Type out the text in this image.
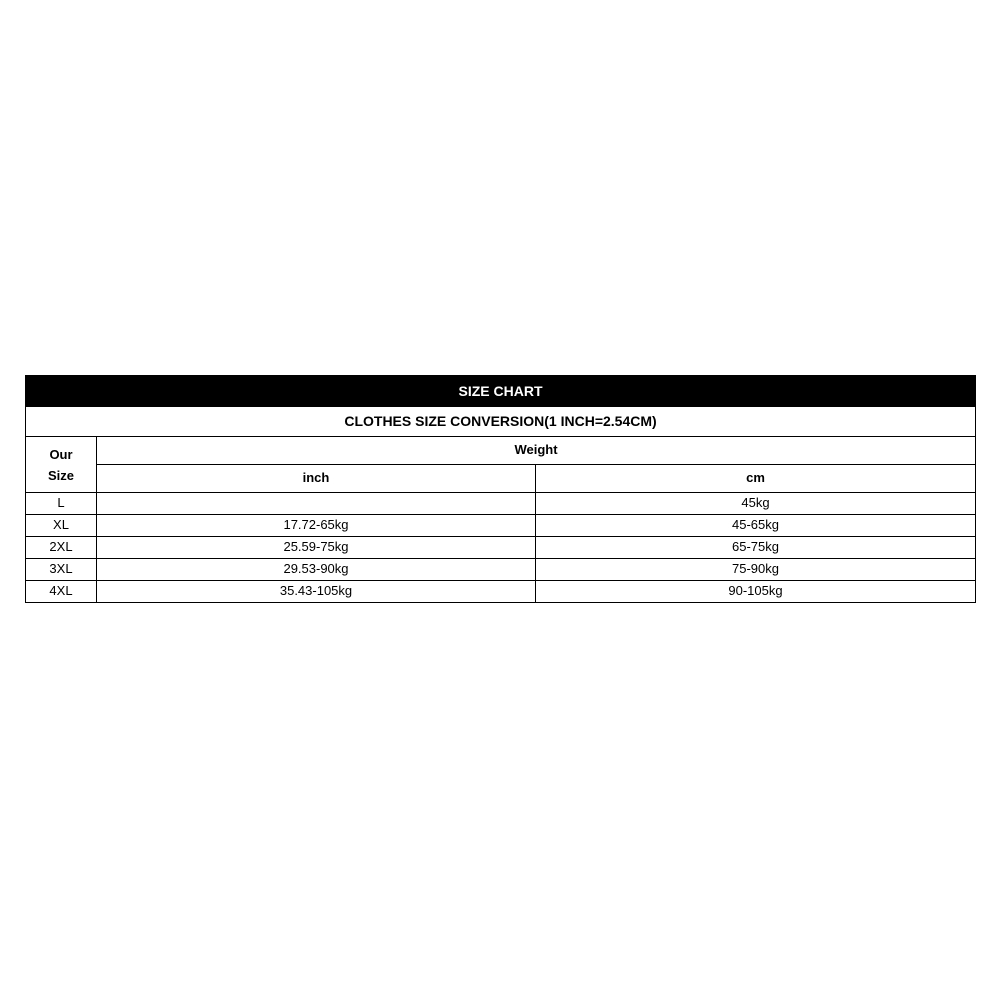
SIZE CHART		
CLOTHES SIZE CONVERSION(1 INCH=2.54CM)		
Our
Size	Weight	
	inch	cm
L		45kg
XL	17.72-65kg	45-65kg
2XL	25.59-75kg	65-75kg
3XL	29.53-90kg	75-90kg
4XL	35.43-105kg	90-105kg
